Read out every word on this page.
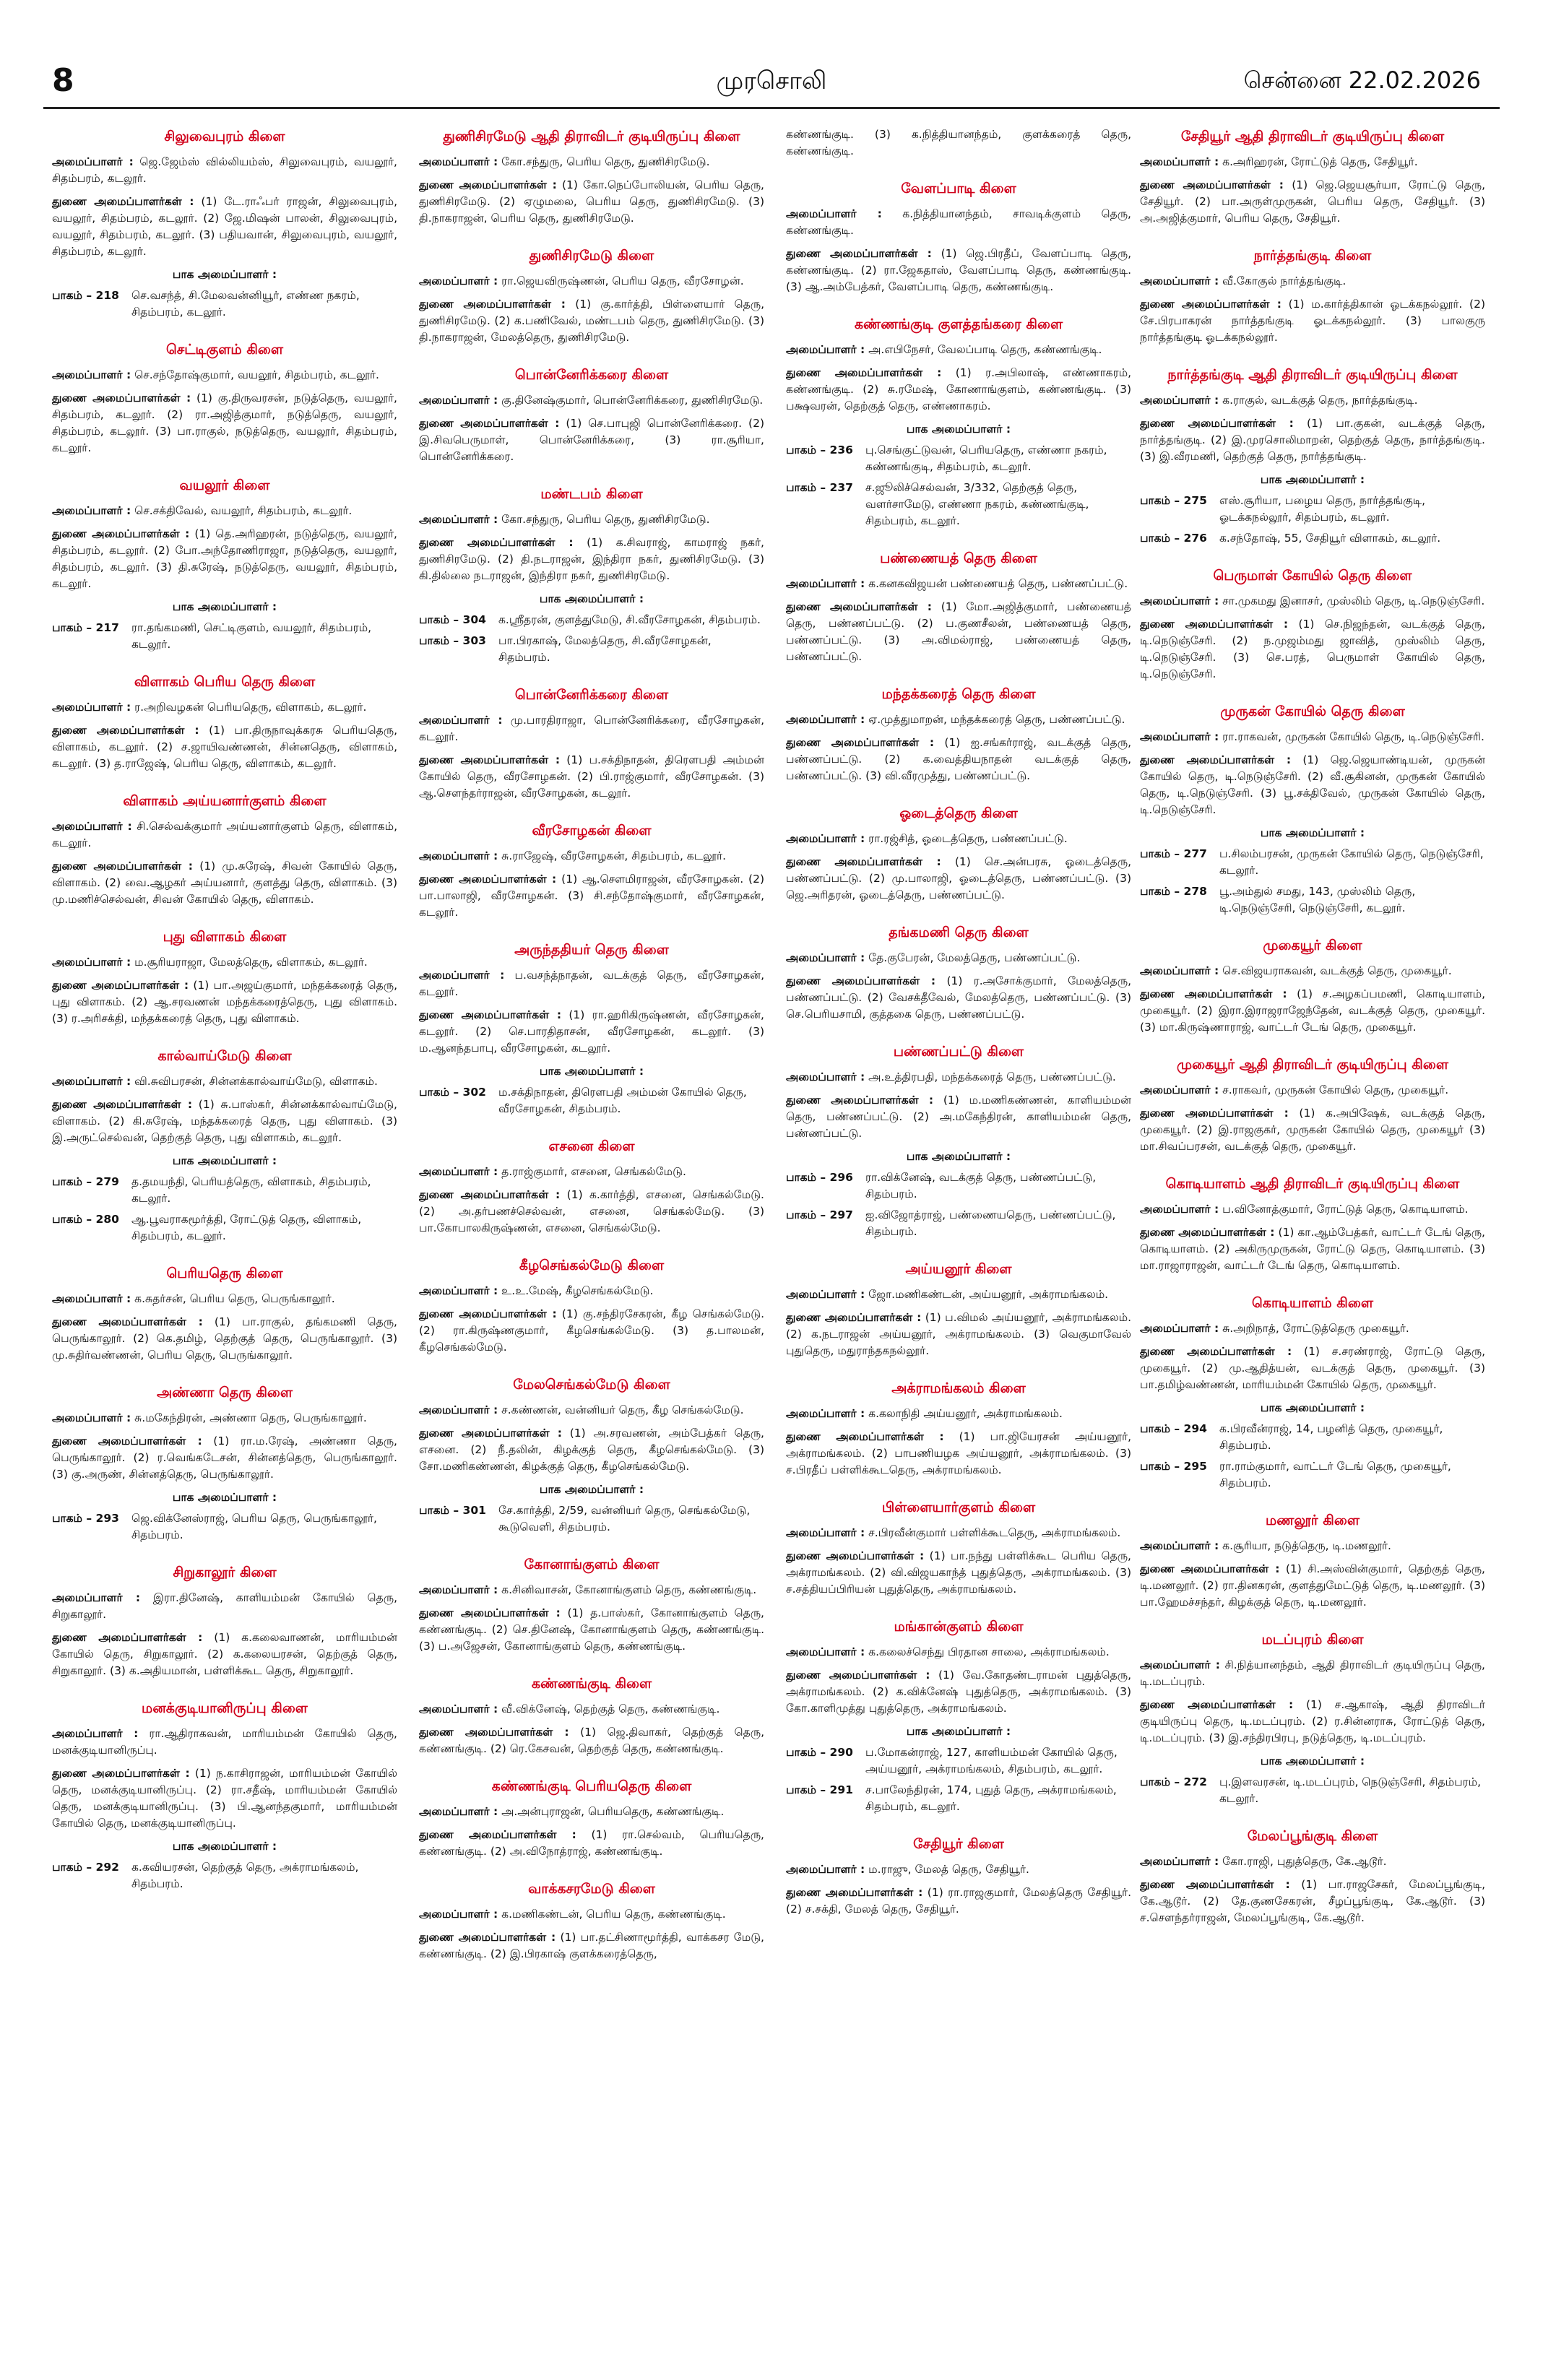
8	முரசொலி	சென்னை 22.02.2026
சிலுவைபுரம் கிளை

அமைப்பாளர் : ஜெ.ஜேம்ஸ் வில்லியம்ஸ், சிலுவைபுரம், வயலூர், சிதம்பரம், கடலூர்.

துணை அமைப்பாளர்கள் : (1) டே.ராஃபர் ராஜன், சிலுவைபுரம், வயலூர், சிதம்பரம், கடலூர். (2) ஜே.மிஷன் பாலன், சிலுவைபுரம், வயலூர், சிதம்பரம், கடலூர். (3) பதியவான், சிலுவைபுரம், வயலூர், சிதம்பரம், கடலூர்.

பாக அமைப்பாளர் :
பாகம் – 218	செ.வசந்த், சி.மேலவன்னியூர், எண்ண நகரம், சிதம்பரம், கடலூர்.
செட்டிகுளம் கிளை

அமைப்பாளர் : செ.சந்தோஷ்குமார், வயலூர், சிதம்பரம், கடலூர்.

துணை அமைப்பாளர்கள் : (1) கு.திருவரசன், நடுத்தெரு, வயலூர், சிதம்பரம், கடலூர். (2) ரா.அஜித்குமார், நடுத்தெரு, வயலூர், சிதம்பரம், கடலூர். (3) பா.ராகுல், நடுத்தெரு, வயலூர், சிதம்பரம், கடலூர்.

வயலூர் கிளை

அமைப்பாளர் : செ.சக்திவேல், வயலூர், சிதம்பரம், கடலூர்.

துணை அமைப்பாளர்கள் : (1) தெ.அரிஹரன், நடுத்தெரு, வயலூர், சிதம்பரம், கடலூர். (2) போ.அந்தோணிராஜா, நடுத்தெரு, வயலூர், சிதம்பரம், கடலூர். (3) தி.சுரேஷ், நடுத்தெரு, வயலூர், சிதம்பரம், கடலூர்.

பாக அமைப்பாளர் :
பாகம் – 217	ரா.தங்கமணி, செட்டிகுளம், வயலூர், சிதம்பரம், கடலூர்.
விளாகம் பெரிய தெரு கிளை

அமைப்பாளர் : ர.அறிவழகன் பெரியதெரு, விளாகம், கடலூர்.

துணை அமைப்பாளர்கள் : (1) பா.திருநாவுக்கரசு பெரியதெரு, விளாகம், கடலூர். (2) ச.ஜாயிவண்ணன், சின்னதெரு, விளாகம், கடலூர். (3) த.ராஜேஷ், பெரிய தெரு, விளாகம், கடலூர்.

விளாகம் அய்யனார்குளம் கிளை

அமைப்பாளர் : சி.செல்வக்குமார் அய்யனார்குளம் தெரு, விளாகம், கடலூர்.

துணை அமைப்பாளர்கள் : (1) மு.சுரேஷ், சிவன் கோயில் தெரு, விளாகம். (2) வை.ஆழகர் அய்யனார், குளத்து தெரு, விளாகம். (3) மு.மணிச்செல்வன், சிவன் கோயில் தெரு, விளாகம்.

புது விளாகம் கிளை

அமைப்பாளர் : ம.சூரியராஜா, மேலத்தெரு, விளாகம், கடலூர்.

துணை அமைப்பாளர்கள் : (1) பா.அஜய்குமார், மந்தக்கரைத் தெரு, புது விளாகம். (2) ஆ.சரவணன் மந்தக்கரைத்தெரு, புது விளாகம். (3) ர.அரிசக்தி, மந்தக்கரைத் தெரு, புது விளாகம்.

கால்வாய்மேடு கிளை

அமைப்பாளர் : வி.சுவிபரசன், சின்னக்கால்வாய்மேடு, விளாகம்.

துணை அமைப்பாளர்கள் : (1) சு.பாஸ்கர், சின்னக்கால்வாய்மேடு, விளாகம். (2) கி.சுரேஷ், மந்தக்கரைத் தெரு, புது விளாகம். (3) இ.அருட்செல்வன், தெற்குத் தெரு, புது விளாகம், கடலூர்.

பாக அமைப்பாளர் :
பாகம் – 279	த.தமயந்தி, பெரியத்தெரு, விளாகம், சிதம்பரம், கடலூர்.
பாகம் – 280	ஆ.பூவராகமூர்த்தி, ரோட்டுத் தெரு, விளாகம், சிதம்பரம், கடலூர்.
பெரியதெரு கிளை

அமைப்பாளர் : க.சுதர்சன், பெரிய தெரு, பெருங்காலூர்.

துணை அமைப்பாளர்கள் : (1) பா.ராகுல், தங்கமணி தெரு, பெருங்காலூர். (2) கெ.தமிழ், தெற்குத் தெரு, பெருங்காலூர். (3) மு.சுதிர்வண்ணன், பெரிய தெரு, பெருங்காலூர்.

அண்ணா தெரு கிளை

அமைப்பாளர் : சு.மகேந்திரன், அண்ணா தெரு, பெருங்காலூர்.

துணை அமைப்பாளர்கள் : (1) ரா.ம.ரேஷ், அண்ணா தெரு, பெருங்காலூர். (2) ர.வெங்கடேசன், சின்னத்தெரு, பெருங்காலூர். (3) கு.அருண், சின்னத்தெரு, பெருங்காலூர்.

பாக அமைப்பாளர் :
பாகம் – 293	ஜெ.விக்னேஸ்ராஜ், பெரிய தெரு, பெருங்காலூர், சிதம்பரம்.
சிறுகாலூர் கிளை

அமைப்பாளர் : இரா.தினேஷ், காளியம்மன் கோயில் தெரு, சிறுகாலூர்.

துணை அமைப்பாளர்கள் : (1) க.கலைவாணன், மாரியம்மன் கோயில் தெரு, சிறுகாலூர். (2) க.கலையரசன், தெற்குத் தெரு, சிறுகாலூர். (3) க.அதியமான், பள்ளிக்கூட தெரு, சிறுகாலூர்.

மனக்குடியானிருப்பு கிளை

அமைப்பாளர் : ரா.ஆதிராகவன், மாரியம்மன் கோயில் தெரு, மனக்குடியானிருப்பு.

துணை அமைப்பாளர்கள் : (1) ந.காசிராஜன், மாரியம்மன் கோயில் தெரு, மனக்குடியானிருப்பு. (2) ரா.சதீஷ், மாரியம்மன் கோயில் தெரு, மனக்குடியானிருப்பு. (3) பி.ஆனந்தகுமார், மாரியம்மன் கோயில் தெரு, மனக்குடியானிருப்பு.

பாக அமைப்பாளர் :
பாகம் – 292	க.கவியரசன், தெற்குத் தெரு, அக்ராமங்கலம், சிதம்பரம்.
துணிசிரமேடு ஆதி திராவிடர் குடியிருப்பு கிளை

அமைப்பாளர் : கோ.சந்துரு, பெரிய தெரு, துணிசிரமேடு.

துணை அமைப்பாளர்கள் : (1) கோ.நெப்போலியன், பெரிய தெரு, துணிசிரமேடு. (2) ஏழுமலை, பெரிய தெரு, துணிசிரமேடு. (3) தி.நாகராஜன், பெரிய தெரு, துணிசிரமேடு.

துணிசிரமேடு கிளை

அமைப்பாளர் : ரா.ஜெயவிருஷ்ணன், பெரிய தெரு, வீரசோழன்.

துணை அமைப்பாளர்கள் : (1) கு.கார்த்தி, பிள்ளையார் தெரு, துணிசிரமேடு. (2) க.பணிவேல், மண்டபம் தெரு, துணிசிரமேடு. (3) தி.நாகராஜன், மேலத்தெரு, துணிசிரமேடு.

பொன்னேரிக்கரை கிளை

அமைப்பாளர் : கு.தினேஷ்குமார், பொன்னேரிக்கரை, துணிசிரமேடு.

துணை அமைப்பாளர்கள் : (1) செ.பாபுஜி பொன்னேரிக்கரை. (2) இ.சிவபெருமாள், பொன்னேரிக்கரை, (3) ரா.சூரியா, பொன்னேரிக்கரை.

மண்டபம் கிளை

அமைப்பாளர் : கோ.சந்துரு, பெரிய தெரு, துணிசிரமேடு.

துணை அமைப்பாளர்கள் : (1) க.சிவராஜ், காமராஜ் நகர், துணிசிரமேடு. (2) தி.நடராஜன், இந்திரா நகர், துணிசிரமேடு. (3) கி.தில்லை நடராஜன், இந்திரா நகர், துணிசிரமேடு.

பாக அமைப்பாளர் :
பாகம் – 304	க.ஸ்ரீதரன், குளத்துமேடு, சி.வீரசோழகன், சிதம்பரம்.
பாகம் – 303	பா.பிரகாஷ், மேலத்தெரு, சி.வீரசோழகன், சிதம்பரம்.
பொன்னேரிக்கரை கிளை

அமைப்பாளர் : மு.பாரதிராஜா, பொன்னேரிக்கரை, வீரசோழகன், கடலூர்.

துணை அமைப்பாளர்கள் : (1) ப.சக்திநாதன், திரௌபதி அம்மன் கோயில் தெரு, வீரசோழகன். (2) பி.ராஜ்குமார், வீரசோழகன். (3) ஆ.செளந்தர்ராஜன், வீரசோழகன், கடலூர்.

வீரசோழகன் கிளை

அமைப்பாளர் : சு.ராஜேஷ், வீரசோழகன், சிதம்பரம், கடலூர்.

துணை அமைப்பாளர்கள் : (1) ஆ.செளமிராஜன், வீரசோழகன். (2) பா.பாலாஜி, வீரசோழகன். (3) சி.சந்தோஷ்குமார், வீரசோழகன், கடலூர்.

அருந்ததியர் தெரு கிளை

அமைப்பாளர் : ப.வசந்த்நாதன், வடக்குத் தெரு, வீரசோழகன், கடலூர்.

துணை அமைப்பாளர்கள் : (1) ரா.ஹரிகிருஷ்ணன், வீரசோழகன், கடலூர். (2) செ.பாரதிதாசன், வீரசோழகன், கடலூர். (3) ம.ஆனந்தபாபு, வீரசோழகன், கடலூர்.

பாக அமைப்பாளர் :
பாகம் – 302	ம.சக்திநாதன், திரௌபதி அம்மன் கோயில் தெரு, வீரசோழகன், சிதம்பரம்.
எசனை கிளை

அமைப்பாளர் : த.ராஜ்குமார், எசனை, செங்கல்மேடு.

துணை அமைப்பாளர்கள் : (1) க.கார்த்தி, எசனை, செங்கல்மேடு. (2) அ.தர்பணச்செல்வன், எசனை, செங்கல்மேடு. (3) பா.கோபாலகிருஷ்ணன், எசனை, செங்கல்மேடு.

கீழசெங்கல்மேடு கிளை

அமைப்பாளர் : உ.உ.மேஷ், கீழசெங்கல்மேடு.

துணை அமைப்பாளர்கள் : (1) கு.சந்திரசேகரன், கீழ செங்கல்மேடு. (2) ரா.கிருஷ்ணகுமார், கீழசெங்கல்மேடு. (3) த.பாலமன், கீழசெங்கல்மேடு.

மேலசெங்கல்மேடு கிளை

அமைப்பாளர் : ச.கண்ணன், வன்னியர் தெரு, கீழ செங்கல்மேடு.

துணை அமைப்பாளர்கள் : (1) அ.சரவணன், அம்பேத்கர் தெரு, எசனை. (2) நீ.தலின், கிழக்குத் தெரு, கீழசெங்கல்மேடு. (3) சோ.மணிகண்ணன், கிழக்குத் தெரு, கீழசெங்கல்மேடு.

பாக அமைப்பாளர் :
பாகம் – 301	சே.கார்த்தி, 2/59, வன்னியர் தெரு, செங்கல்மேடு, கூடுவெளி, சிதம்பரம்.
கோனாங்குளம் கிளை

அமைப்பாளர் : க.சினிவாசன், கோனாங்குளம் தெரு, கண்ணங்குடி.

துணை அமைப்பாளர்கள் : (1) த.பாஸ்கர், கோனாங்குளம் தெரு, கண்ணங்குடி. (2) செ.தினேஷ், கோனாங்குளம் தெரு, கண்ணங்குடி. (3) ப.அஜேசன், கோனாங்குளம் தெரு, கண்ணங்குடி.

கண்ணங்குடி கிளை

அமைப்பாளர் : வீ.விக்னேஷ், தெற்குத் தெரு, கண்ணங்குடி.

துணை அமைப்பாளர்கள் : (1) ஜெ.திவாகர், தெற்குத் தெரு, கண்ணங்குடி. (2) ரெ.கேசவன், தெற்குத் தெரு, கண்ணங்குடி.

கண்ணங்குடி பெரியதெரு கிளை

அமைப்பாளர் : அ.அன்புராஜன், பெரியதெரு, கண்ணங்குடி.

துணை அமைப்பாளர்கள் : (1) ரா.செல்வம், பெரியதெரு, கண்ணங்குடி. (2) அ.விநோத்ராஜ், கண்ணங்குடி.

வாக்கசரமேடு கிளை

அமைப்பாளர் : க.மணிகண்டன், பெரிய தெரு, கண்ணங்குடி.

துணை அமைப்பாளர்கள் : (1) பா.தட்சிணாமூர்த்தி, வாக்கசர மேடு, கண்ணங்குடி. (2) இ.பிரகாஷ் குளக்கரைத்தெரு,

கண்ணங்குடி. (3) க.நித்தியானந்தம், குளக்கரைத் தெரு, கண்ணங்குடி.

வேளப்பாடி கிளை

அமைப்பாளர் : க.நித்தியானந்தம், சாவடிக்குளம் தெரு, கண்ணங்குடி.

துணை அமைப்பாளர்கள் : (1) ஜெ.பிரதீப், வேளப்பாடி தெரு, கண்ணங்குடி. (2) ரா.ஜேகதாஸ், வேளப்பாடி தெரு, கண்ணங்குடி. (3) ஆ.அம்பேத்கர், வேளப்பாடி தெரு, கண்ணங்குடி.

கண்ணங்குடி குளத்தங்கரை கிளை

அமைப்பாளர் : அ.எபிநேசர், வேலப்பாடி தெரு, கண்ணங்குடி.

துணை அமைப்பாளர்கள் : (1) ர.அபிலாஷ், எண்ணாகரம், கண்ணங்குடி. (2) சு.ரமேஷ், கோணாங்குளம், கண்ணங்குடி. (3) பக்ஷவரன், தெற்குத் தெரு, எண்ணாகரம்.

பாக அமைப்பாளர் :
பாகம் – 236	பு.செங்குட்டுவன், பெரியதெரு, எண்ணா நகரம், கண்ணங்குடி, சிதம்பரம், கடலூர்.
பாகம் – 237	ச.ஜூலிச்செல்வன், 3/332, தெற்குத் தெரு, வளர்சாமேடு, எண்ணா நகரம், கண்ணங்குடி, சிதம்பரம், கடலூர்.
பண்ணையத் தெரு கிளை

அமைப்பாளர் : க.கனகவிஜயன் பண்ணையத் தெரு, பண்ணப்பட்டு.

துணை அமைப்பாளர்கள் : (1) மோ.அஜித்குமார், பண்ணையத் தெரு, பண்ணப்பட்டு. (2) ப.குணசீலன், பண்ணையத் தெரு, பண்ணப்பட்டு. (3) அ.விமல்ராஜ், பண்ணையத் தெரு, பண்ணப்பட்டு.

மந்தக்கரைத் தெரு கிளை

அமைப்பாளர் : ஏ.முத்துமாறன், மந்தக்கரைத் தெரு, பண்ணப்பட்டு.

துணை அமைப்பாளர்கள் : (1) ஐ.சங்கர்ராஜ், வடக்குத் தெரு, பண்ணப்பட்டு. (2) க.வைத்தியநாதன் வடக்குத் தெரு, பண்ணப்பட்டு. (3) வி.வீரமுத்து, பண்ணப்பட்டு.

ஓடைத்தெரு கிளை

அமைப்பாளர் : ரா.ரஜ்சித், ஓடைத்தெரு, பண்ணப்பட்டு.

துணை அமைப்பாளர்கள் : (1) செ.அன்பரசு, ஓடைத்தெரு, பண்ணப்பட்டு. (2) மு.பாலாஜி, ஓடைத்தெரு, பண்ணப்பட்டு. (3) ஜெ.அரிதரன், ஓடைத்தெரு, பண்ணப்பட்டு.

தங்கமணி தெரு கிளை

அமைப்பாளர் : தே.குபேரன், மேலத்தெரு, பண்ணப்பட்டு.

துணை அமைப்பாளர்கள் : (1) ர.அசோக்குமார், மேலத்தெரு, பண்ணப்பட்டு. (2) வேசக்தீவேல், மேலத்தெரு, பண்ணப்பட்டு. (3) செ.பெரியசாமி, குத்தகை தெரு, பண்ணப்பட்டு.

பண்ணப்பட்டு கிளை

அமைப்பாளர் : அ.உத்திரபதி, மந்தக்கரைத் தெரு, பண்ணப்பட்டு.

துணை அமைப்பாளர்கள் : (1) ம.மணிகண்ணன், காளியம்மன் தெரு, பண்ணப்பட்டு. (2) அ.மகேந்திரன், காளியம்மன் தெரு, பண்ணப்பட்டு.

பாக அமைப்பாளர் :
பாகம் – 296	ரா.விக்னேஷ், வடக்குத் தெரு, பண்ணப்பட்டு, சிதம்பரம்.
பாகம் – 297	ஐ.விஜோத்ராஜ், பண்ணையதெரு, பண்ணப்பட்டு, சிதம்பரம்.
அய்யனூர் கிளை

அமைப்பாளர் : ஜோ.மணிகண்டன், அய்யனூர், அக்ராமங்கலம்.

துணை அமைப்பாளர்கள் : (1) ப.விமல் அய்யனூர், அக்ராமங்கலம். (2) க.நடராஜன் அய்யனூர், அக்ராமங்கலம். (3) வெகுமாவேல் புதுதெரு, மதுராந்தகநல்லூர்.

அக்ராமங்கலம் கிளை

அமைப்பாளர் : க.கலாநிதி அய்யனூர், அக்ராமங்கலம்.

துணை அமைப்பாளர்கள் : (1) பா.ஜியேரசன் அய்யனூர், அக்ராமங்கலம். (2) பாபணியழக அய்யனூர், அக்ராமங்கலம். (3) ச.பிரதீப் பள்ளிக்கூடதெரு, அக்ராமங்கலம்.

பிள்ளையார்குளம் கிளை

அமைப்பாளர் : ச.பிரவீன்குமார் பள்ளிக்கூடதெரு, அக்ராமங்கலம்.

துணை அமைப்பாளர்கள் : (1) பா.நந்து பள்ளிக்கூட பெரிய தெரு, அக்ராமங்கலம். (2) வி.விஜயகாந்த் புதுத்தெரு, அக்ராமங்கலம். (3) ச.சத்தியப்பிரியன் புதுத்தெரு, அக்ராமங்கலம்.

மங்கான்குளம் கிளை

அமைப்பாளர் : க.கலைச்செந்து பிரதான சாலை, அக்ராமங்கலம்.

துணை அமைப்பாளர்கள் : (1) வே.கோதண்டராமன் புதுத்தெரு, அக்ராமங்கலம். (2) க.விக்னேஷ் புதுத்தெரு, அக்ராமங்கலம். (3) கோ.காளிமுத்து புதுத்தெரு, அக்ராமங்கலம்.

பாக அமைப்பாளர் :
பாகம் – 290	ப.மோகன்ராஜ், 127, காளியம்மன் கோயில் தெரு, அய்யனூர், அக்ராமங்கலம், சிதம்பரம், கடலூர்.
பாகம் – 291	ச.பாலேந்திரன், 174, புதுத் தெரு, அக்ராமங்கலம், சிதம்பரம், கடலூர்.
சேதியூர் கிளை

அமைப்பாளர் : ம.ராஜு, மேலத் தெரு, சேதியூர்.

துணை அமைப்பாளர்கள் : (1) ரா.ராஜகுமார், மேலத்தெரு சேதியூர். (2) ச.சக்தி, மேலத் தெரு, சேதியூர்.

சேதியூர் ஆதி திராவிடர் குடியிருப்பு கிளை

அமைப்பாளர் : க.அரிஹரன், ரோட்டுத் தெரு, சேதியூர்.

துணை அமைப்பாளர்கள் : (1) ஜெ.ஜெயசூர்யா, ரோட்டு தெரு, சேதியூர். (2) பா.அருள்முருகன், பெரிய தெரு, சேதியூர். (3) அ.அஜித்குமார், பெரிய தெரு, சேதியூர்.

நார்த்தங்குடி கிளை

அமைப்பாளர் : வீ.கோகுல் நார்த்தங்குடி.

துணை அமைப்பாளர்கள் : (1) ம.கார்த்திகான் ஓடக்கநல்லூர். (2) சே.பிரபாகரன் நார்த்தங்குடி ஓடக்கநல்லூர். (3) பாலகுரு நார்த்தங்குடி ஓடக்கநல்லூர்.

நார்த்தங்குடி ஆதி திராவிடர் குடியிருப்பு கிளை

அமைப்பாளர் : க.ராகுல், வடக்குத் தெரு, நார்த்தங்குடி.

துணை அமைப்பாளர்கள் : (1) பா.குகன், வடக்குத் தெரு, நார்த்தங்குடி. (2) இ.முரசொலிமாறன், தெற்குத் தெரு, நார்த்தங்குடி. (3) இ.வீரமணி, தெற்குத் தெரு, நார்த்தங்குடி.

பாக அமைப்பாளர் :
பாகம் – 275	எஸ்.சூரியா, பழைய தெரு, நார்த்தங்குடி, ஓடக்கநல்லூர், சிதம்பரம், கடலூர்.
பாகம் – 276	க.சந்தோஷ், 55, சேதியூர் விளாகம், கடலூர்.
பெருமாள் கோயில் தெரு கிளை

அமைப்பாளர் : சா.முகமது இனாசர், முஸ்லிம் தெரு, டி.நெடுஞ்சேரி.

துணை அமைப்பாளர்கள் : (1) செ.நிஜந்தன், வடக்குத் தெரு, டி.நெடுஞ்சேரி. (2) ந.முஜம்மது ஜாவித், முஸ்லிம் தெரு, டி.நெடுஞ்சேரி. (3) செ.பரத், பெருமாள் கோயில் தெரு, டி.நெடுஞ்சேரி.

முருகன் கோயில் தெரு கிளை

அமைப்பாளர் : ரா.ராகவன், முருகன் கோயில் தெரு, டி.நெடுஞ்சேரி.

துணை அமைப்பாளர்கள் : (1) ஜெ.ஜெயாண்டியன், முருகன் கோயில் தெரு, டி.நெடுஞ்சேரி. (2) வீ.சூகினன், முருகன் கோயில் தெரு, டி.நெடுஞ்சேரி. (3) பூ.சக்திவேல், முருகன் கோயில் தெரு, டி.நெடுஞ்சேரி.

பாக அமைப்பாளர் :
பாகம் – 277	ப.சிலம்பரசன், முருகன் கோயில் தெரு, நெடுஞ்சேரி, கடலூர்.
பாகம் – 278	பூ.அம்துல் சமது, 143, முஸ்லிம் தெரு, டி.நெடுஞ்சேரி, நெடுஞ்சேரி, கடலூர்.
முகையூர் கிளை

அமைப்பாளர் : செ.விஜயராகவன், வடக்குத் தெரு, முகையூர்.

துணை அமைப்பாளர்கள் : (1) ச.அழகப்பமணி, கொடியாளம், முகையூர். (2) இரா.இராஜராஜேந்தேன், வடக்குத் தெரு, முகையூர். (3) மா.கிருஷ்ணாராஜ், வாட்டர் டேங் தெரு, முகையூர்.

முகையூர் ஆதி திராவிடர் குடியிருப்பு கிளை

அமைப்பாளர் : ச.ராகவர், முருகன் கோயில் தெரு, முகையூர்.

துணை அமைப்பாளர்கள் : (1) க.அபிஷேக், வடக்குத் தெரு, முகையூர். (2) இ.ராஜகுகர், முருகன் கோயில் தெரு, முகையூர் (3) மா.சிவப்பரசன், வடக்குத் தெரு, முகையூர்.

கொடியாளம் ஆதி திராவிடர் குடியிருப்பு கிளை

அமைப்பாளர் : ப.வினோத்குமார், ரோட்டுத் தெரு, கொடியாளம்.

துணை அமைப்பாளர்கள் : (1) கா.ஆம்பேத்கர், வாட்டர் டேங் தெரு, கொடியாளம். (2) அகிருமுருகன், ரோட்டு தெரு, கொடியாளம். (3) மா.ராஜாராஜன், வாட்டர் டேங் தெரு, கொடியாளம்.

கொடியாளம் கிளை

அமைப்பாளர் : சு.அறிநாத், ரோட்டுத்தெரு முகையூர்.

துணை அமைப்பாளர்கள் : (1) ச.சரண்ராஜ், ரோட்டு தெரு, முகையூர். (2) மு.ஆதித்யன், வடக்குத் தெரு, முகையூர். (3) பா.தமிழ்வண்ணன், மாரியம்மன் கோயில் தெரு, முகையூர்.

பாக அமைப்பாளர் :
பாகம் – 294	க.பிரவீன்ராஜ், 14, பழனித் தெரு, முகையூர், சிதம்பரம்.
பாகம் – 295	ரா.ராம்குமார், வாட்டர் டேங் தெரு, முகையூர், சிதம்பரம்.
மணலூர் கிளை

அமைப்பாளர் : க.சூரியா, நடுத்தெரு, டி.மணலூர்.

துணை அமைப்பாளர்கள் : (1) சி.அஸ்வின்குமார், தெற்குத் தெரு, டி.மணலூர். (2) ரா.தினகரன், குளத்துமேட்டுத் தெரு, டி.மணலூர். (3) பா.ஹேமச்சந்தர், கிழக்குத் தெரு, டி.மணலூர்.

மடப்புரம் கிளை

அமைப்பாளர் : சி.நித்யானந்தம், ஆதி திராவிடர் குடியிருப்பு தெரு, டி.மடப்புரம்.

துணை அமைப்பாளர்கள் : (1) ச.ஆகாஷ், ஆதி திராவிடர் குடியிருப்பு தெரு, டி.மடப்புரம். (2) ர.சின்னராசு, ரோட்டுத் தெரு, டி.மடப்புரம். (3) இ.சந்திரபிரபு, நடுத்தெரு, டி.மடப்புரம்.

பாக அமைப்பாளர் :
பாகம் – 272	பு.இளவரசன், டி.மடப்புரம், நெடுஞ்சேரி, சிதம்பரம், கடலூர்.
மேலப்பூங்குடி கிளை

அமைப்பாளர் : கோ.ராஜி, புதுத்தெரு, கே.ஆடூர்.

துணை அமைப்பாளர்கள் : (1) பா.ராஜசேகர், மேலப்பூங்குடி, கே.ஆடூர். (2) தே.குணசேகரன், சீழப்பூங்குடி, கே.ஆடூர். (3) ச.செளந்தர்ராஜன், மேலப்பூங்குடி, கே.ஆடூர்.
